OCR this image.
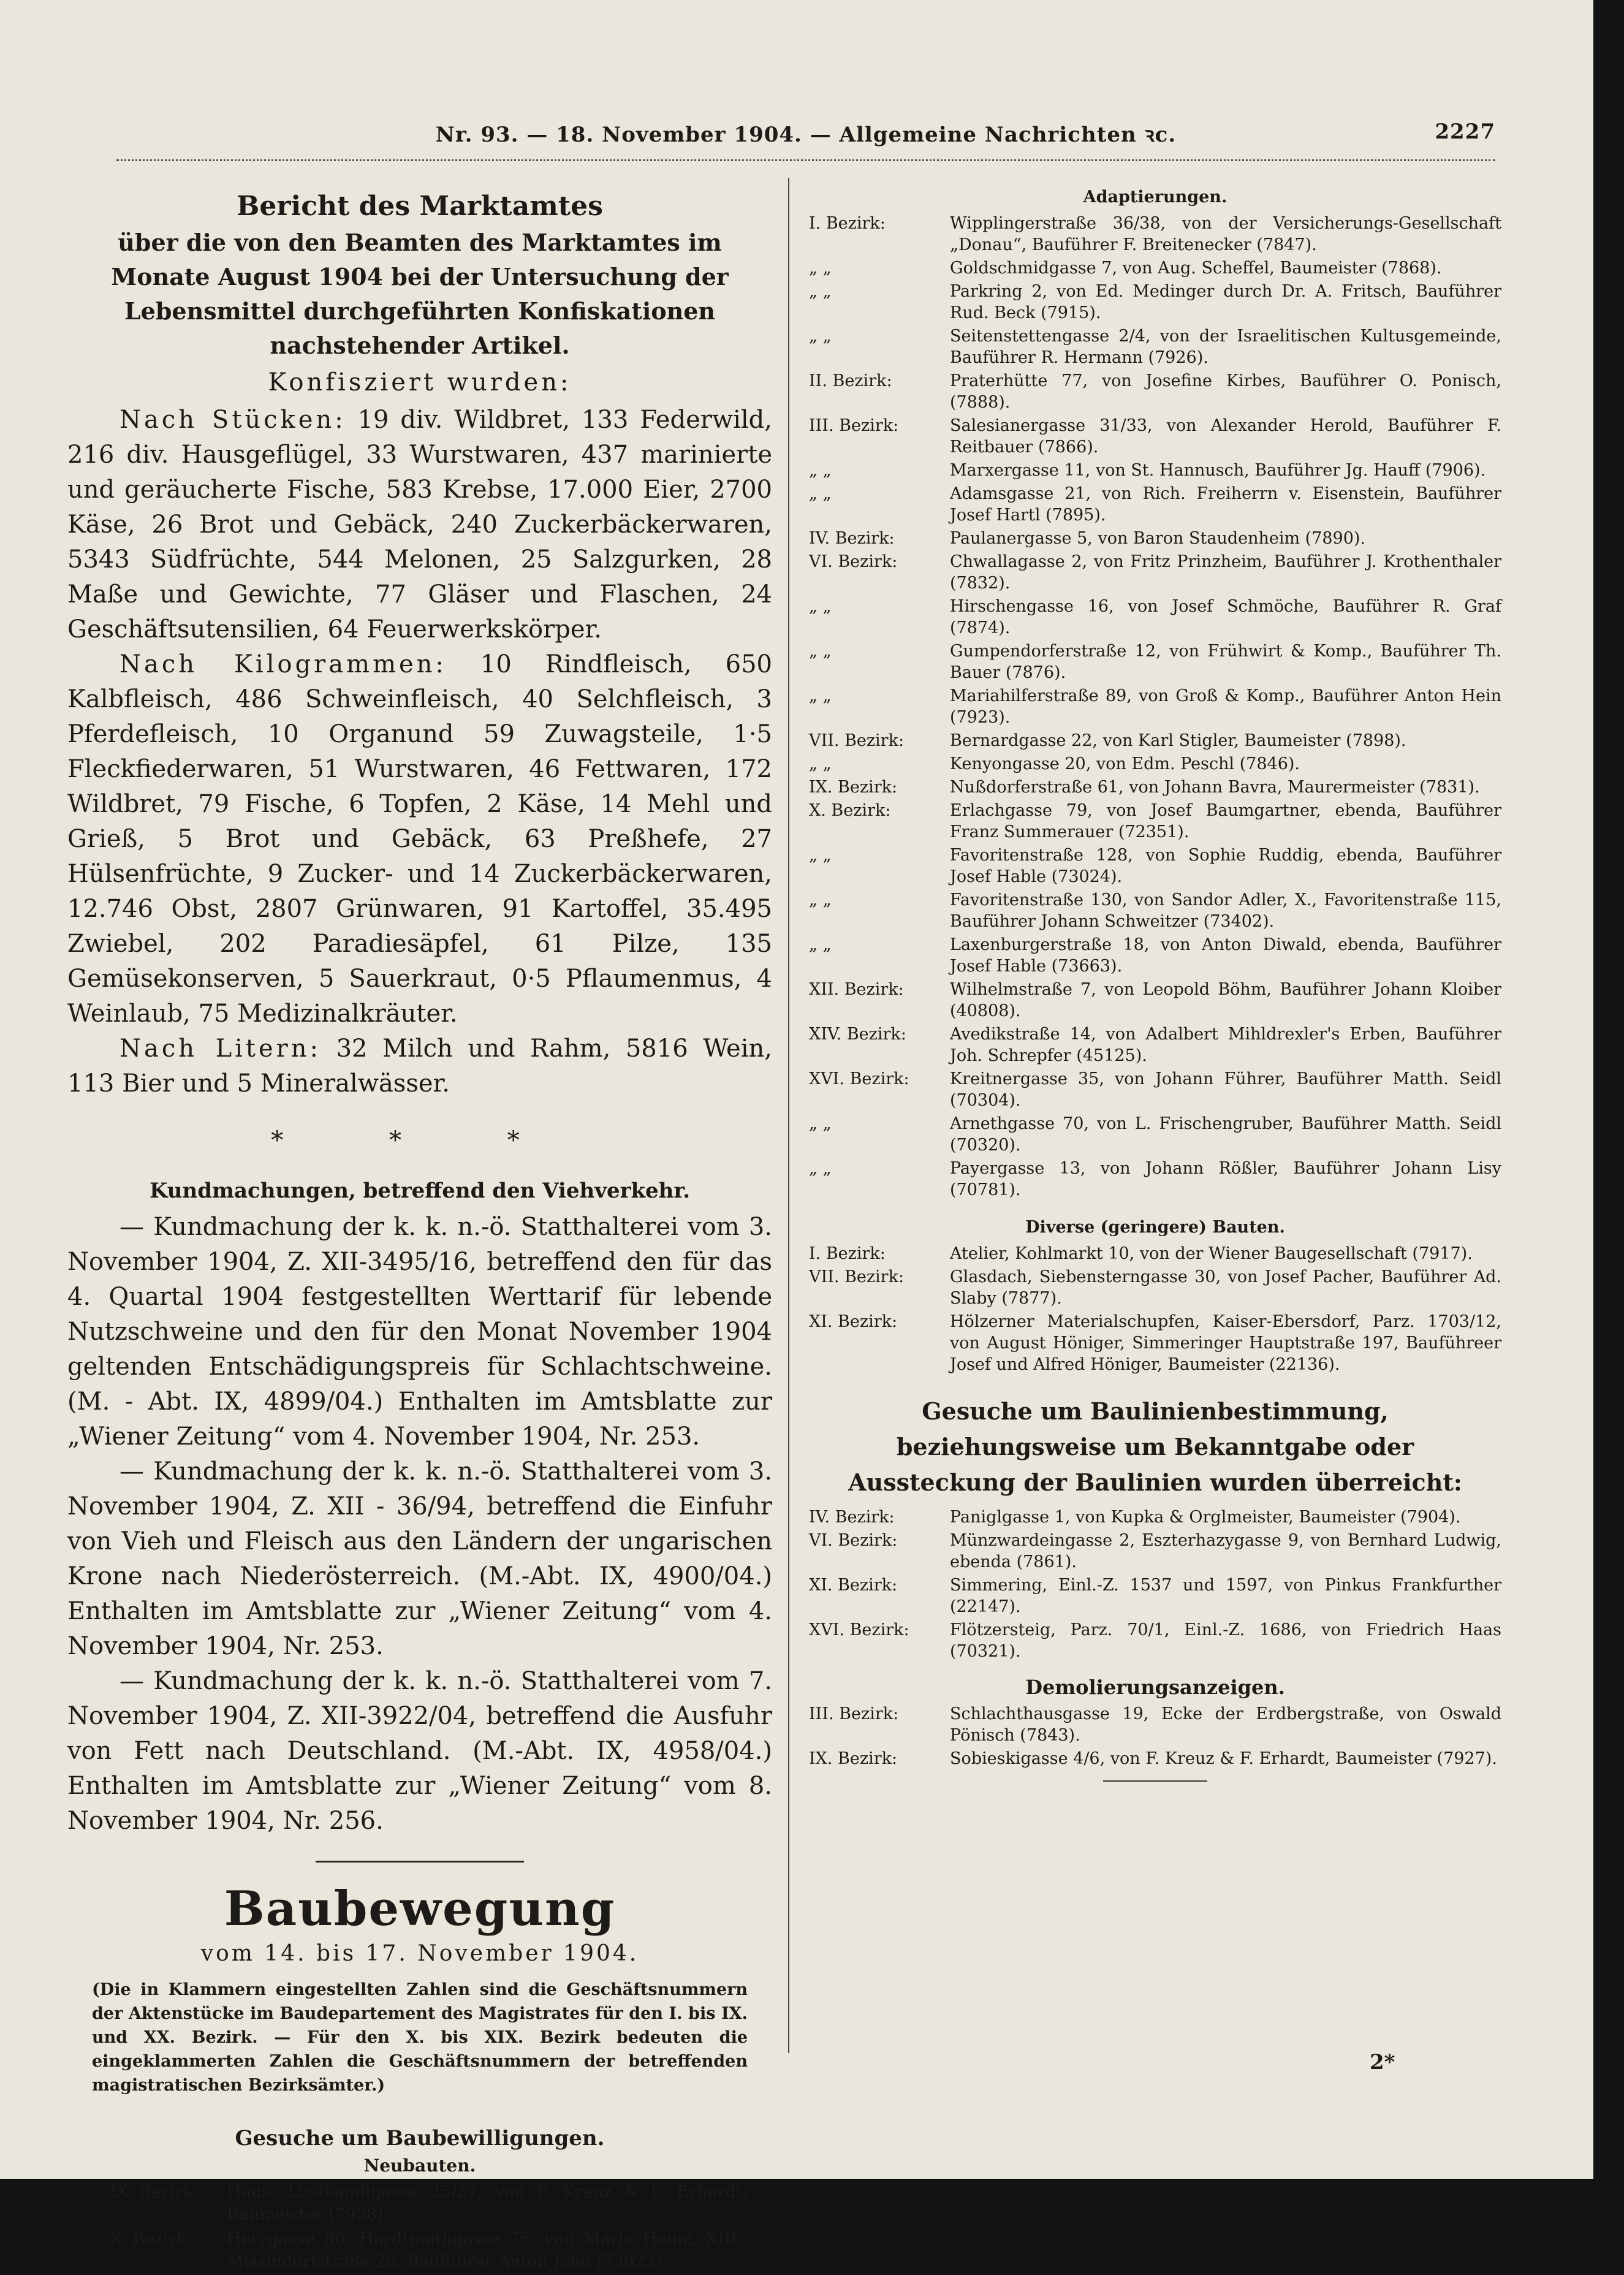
Nr. 93. — 18. November 1904. — Allgemeine Nachrichten ꝛc.	2227
Bericht des Marktamtes
über die von den Beamten des Marktamtes im Monate August 1904 bei der Untersuchung der Lebensmittel durchgeführten Konfiskationen nachstehender Artikel.
Konfisziert wurden:

Nach Stücken: 19 div. Wildbret, 133 Federwild, 216 div. Hausgeflügel, 33 Wurstwaren, 437 marinierte und geräucherte Fische, 583 Krebse, 17.000 Eier, 2700 Käse, 26 Brot und Gebäck, 240 Zuckerbäckerwaren, 5343 Südfrüchte, 544 Melonen, 25 Salzgurken, 28 Maße und Gewichte, 77 Gläser und Flaschen, 24 Geschäftsutensilien, 64 Feuerwerkskörper.

Nach Kilogrammen: 10 Rindfleisch, 650 Kalbfleisch, 486 Schweinfleisch, 40 Selchfleisch, 3 Pferdefleisch, 10 Organund 59 Zuwagsteile, 1·5 Fleckfiederwaren, 51 Wurstwaren, 46 Fettwaren, 172 Wildbret, 79 Fische, 6 Topfen, 2 Käse, 14 Mehl und Grieß, 5 Brot und Gebäck, 63 Preßhefe, 27 Hülsenfrüchte, 9 Zucker- und 14 Zuckerbäckerwaren, 12.746 Obst, 2807 Grünwaren, 91 Kartoffel, 35.495 Zwiebel, 202 Paradiesäpfel, 61 Pilze, 135 Gemüsekonserven, 5 Sauerkraut, 0·5 Pflaumenmus, 4 Weinlaub, 75 Medizinalkräuter.

Nach Litern: 32 Milch und Rahm, 5816 Wein, 113 Bier und 5 Mineralwässer.

* * *
Kundmachungen, betreffend den Viehverkehr.

— Kundmachung der k. k. n.-ö. Statthalterei vom 3. November 1904, Z. XII-3495/16, betreffend den für das 4. Quartal 1904 festgestellten Werttarif für lebende Nutzschweine und den für den Monat November 1904 geltenden Entschädigungspreis für Schlachtschweine. (M. - Abt. IX, 4899/04.) Enthalten im Amtsblatte zur „Wiener Zeitung“ vom 4. November 1904, Nr. 253.

— Kundmachung der k. k. n.-ö. Statthalterei vom 3. November 1904, Z. XII - 36/94, betreffend die Einfuhr von Vieh und Fleisch aus den Ländern der ungarischen Krone nach Niederösterreich. (M.-Abt. IX, 4900/04.) Enthalten im Amtsblatte zur „Wiener Zeitung“ vom 4. November 1904, Nr. 253.

— Kundmachung der k. k. n.-ö. Statthalterei vom 7. November 1904, Z. XII-3922/04, betreffend die Ausfuhr von Fett nach Deutschland. (M.-Abt. IX, 4958/04.) Enthalten im Amtsblatte zur „Wiener Zeitung“ vom 8. November 1904, Nr. 256.

Baubewegung
vom 14. bis 17. November 1904.
(Die in Klammern eingestellten Zahlen sind die Geschäftsnummern der Aktenstücke im Baudepartement des Magistrates für den I. bis IX. und XX. Bezirk. — Für den X. bis XIX. Bezirk bedeuten die eingeklammerten Zahlen die Geschäftsnummern der betreffenden magistratischen Bezirksämter.)
Gesuche um Baubewilligungen.
Neubauten.
IX. Bezirk:	Haus, Lustkandlgasse 25/27, von F. Krenz & F. Erhardt, Baumeister (7928).
X. Bezirk:	Herzgasse 80, Hardtmuthgasse 75, von Marie Heinz, XIII., Missindorfstraße 26, Bauführer Anton John (73023).
Adaptierungen.
I. Bezirk:	Wipplingerstraße 36/38, von der Versicherungs-Gesellschaft „Donau“, Bauführer F. Breitenecker (7847).
„ „	Goldschmidgasse 7, von Aug. Scheffel, Baumeister (7868).
„ „	Parkring 2, von Ed. Medinger durch Dr. A. Fritsch, Bauführer Rud. Beck (7915).
„ „	Seitenstettengasse 2/4, von der Israelitischen Kultusgemeinde, Bauführer R. Hermann (7926).
II. Bezirk:	Praterhütte 77, von Josefine Kirbes, Bauführer O. Ponisch, (7888).
III. Bezirk:	Salesianergasse 31/33, von Alexander Herold, Bauführer F. Reitbauer (7866).
„ „	Marxergasse 11, von St. Hannusch, Bauführer Jg. Hauff (7906).
„ „	Adamsgasse 21, von Rich. Freiherrn v. Eisenstein, Bauführer Josef Hartl (7895).
IV. Bezirk:	Paulanergasse 5, von Baron Staudenheim (7890).
VI. Bezirk:	Chwallagasse 2, von Fritz Prinzheim, Bauführer J. Krothenthaler (7832).
„ „	Hirschengasse 16, von Josef Schmöche, Bauführer R. Graf (7874).
„ „	Gumpendorferstraße 12, von Frühwirt & Komp., Bauführer Th. Bauer (7876).
„ „	Mariahilferstraße 89, von Groß & Komp., Bauführer Anton Hein (7923).
VII. Bezirk:	Bernardgasse 22, von Karl Stigler, Baumeister (7898).
„ „	Kenyongasse 20, von Edm. Peschl (7846).
IX. Bezirk:	Nußdorferstraße 61, von Johann Bavra, Maurermeister (7831).
X. Bezirk:	Erlachgasse 79, von Josef Baumgartner, ebenda, Bauführer Franz Summerauer (72351).
„ „	Favoritenstraße 128, von Sophie Ruddig, ebenda, Bauführer Josef Hable (73024).
„ „	Favoritenstraße 130, von Sandor Adler, X., Favoritenstraße 115, Bauführer Johann Schweitzer (73402).
„ „	Laxenburgerstraße 18, von Anton Diwald, ebenda, Bauführer Josef Hable (73663).
XII. Bezirk:	Wilhelmstraße 7, von Leopold Böhm, Bauführer Johann Kloiber (40808).
XIV. Bezirk:	Avedikstraße 14, von Adalbert Mihldrexler's Erben, Bauführer Joh. Schrepfer (45125).
XVI. Bezirk:	Kreitnergasse 35, von Johann Führer, Bauführer Matth. Seidl (70304).
„ „	Arnethgasse 70, von L. Frischengruber, Bauführer Matth. Seidl (70320).
„ „	Payergasse 13, von Johann Rößler, Bauführer Johann Lisy (70781).
Diverse (geringere) Bauten.
I. Bezirk:	Atelier, Kohlmarkt 10, von der Wiener Baugesellschaft (7917).
VII. Bezirk:	Glasdach, Siebensterngasse 30, von Josef Pacher, Bauführer Ad. Slaby (7877).
XI. Bezirk:	Hölzerner Materialschupfen, Kaiser-Ebersdorf, Parz. 1703/12, von August Höniger, Simmeringer Hauptstraße 197, Bauführeer Josef und Alfred Höniger, Baumeister (22136).
Gesuche um Baulinienbestimmung, beziehungsweise um Bekanntgabe oder Aussteckung der Baulinien wurden überreicht:
IV. Bezirk:	Paniglgasse 1, von Kupka & Orglmeister, Baumeister (7904).
VI. Bezirk:	Münzwardeingasse 2, Eszterhazygasse 9, von Bernhard Ludwig, ebenda (7861).
XI. Bezirk:	Simmering, Einl.-Z. 1537 und 1597, von Pinkus Frankfurther (22147).
XVI. Bezirk:	Flötzersteig, Parz. 70/1, Einl.-Z. 1686, von Friedrich Haas (70321).
Demolierungsanzeigen.
III. Bezirk:	Schlachthausgasse 19, Ecke der Erdbergstraße, von Oswald Pönisch (7843).
IX. Bezirk:	Sobieskigasse 4/6, von F. Kreuz & F. Erhardt, Baumeister (7927).
2*
